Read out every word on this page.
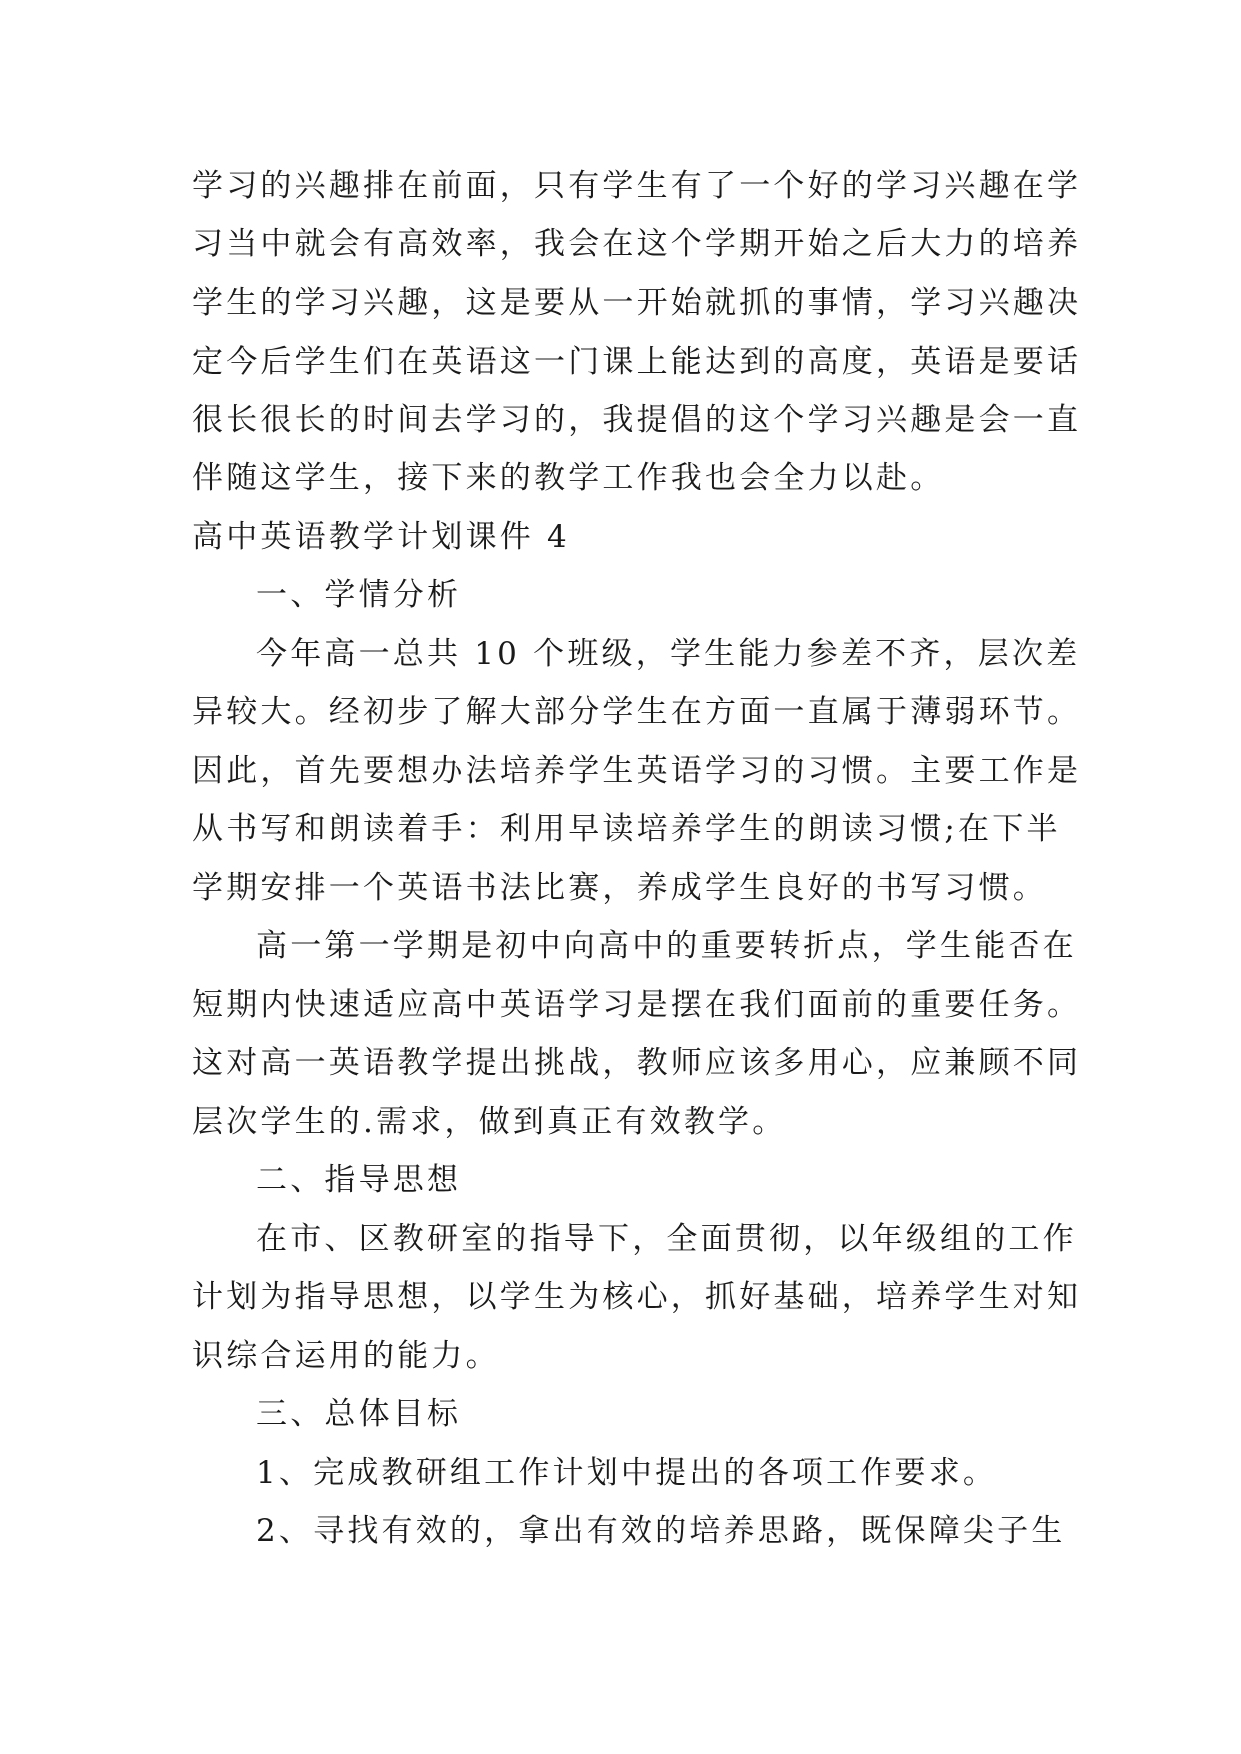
学习的兴趣排在前面，只有学生有了一个好的学习兴趣在学
习当中就会有高效率，我会在这个学期开始之后大力的培养
学生的学习兴趣，这是要从一开始就抓的事情，学习兴趣决
定今后学生们在英语这一门课上能达到的高度，英语是要话
很长很长的时间去学习的，我提倡的这个学习兴趣是会一直
伴随这学生，接下来的教学工作我也会全力以赴。
高中英语教学计划课件 4
一、学情分析
今年高一总共 10 个班级，学生能力参差不齐，层次差
异较大。经初步了解大部分学生在方面一直属于薄弱环节。
因此，首先要想办法培养学生英语学习的习惯。主要工作是
从书写和朗读着手：利用早读培养学生的朗读习惯;在下半
学期安排一个英语书法比赛，养成学生良好的书写习惯。
高一第一学期是初中向高中的重要转折点，学生能否在
短期内快速适应高中英语学习是摆在我们面前的重要任务。
这对高一英语教学提出挑战，教师应该多用心，应兼顾不同
层次学生的.需求，做到真正有效教学。
二、指导思想
在市、区教研室的指导下，全面贯彻，以年级组的工作
计划为指导思想，以学生为核心，抓好基础，培养学生对知
识综合运用的能力。
三、总体目标
1、完成教研组工作计划中提出的各项工作要求。
2、寻找有效的，拿出有效的培养思路，既保障尖子生
